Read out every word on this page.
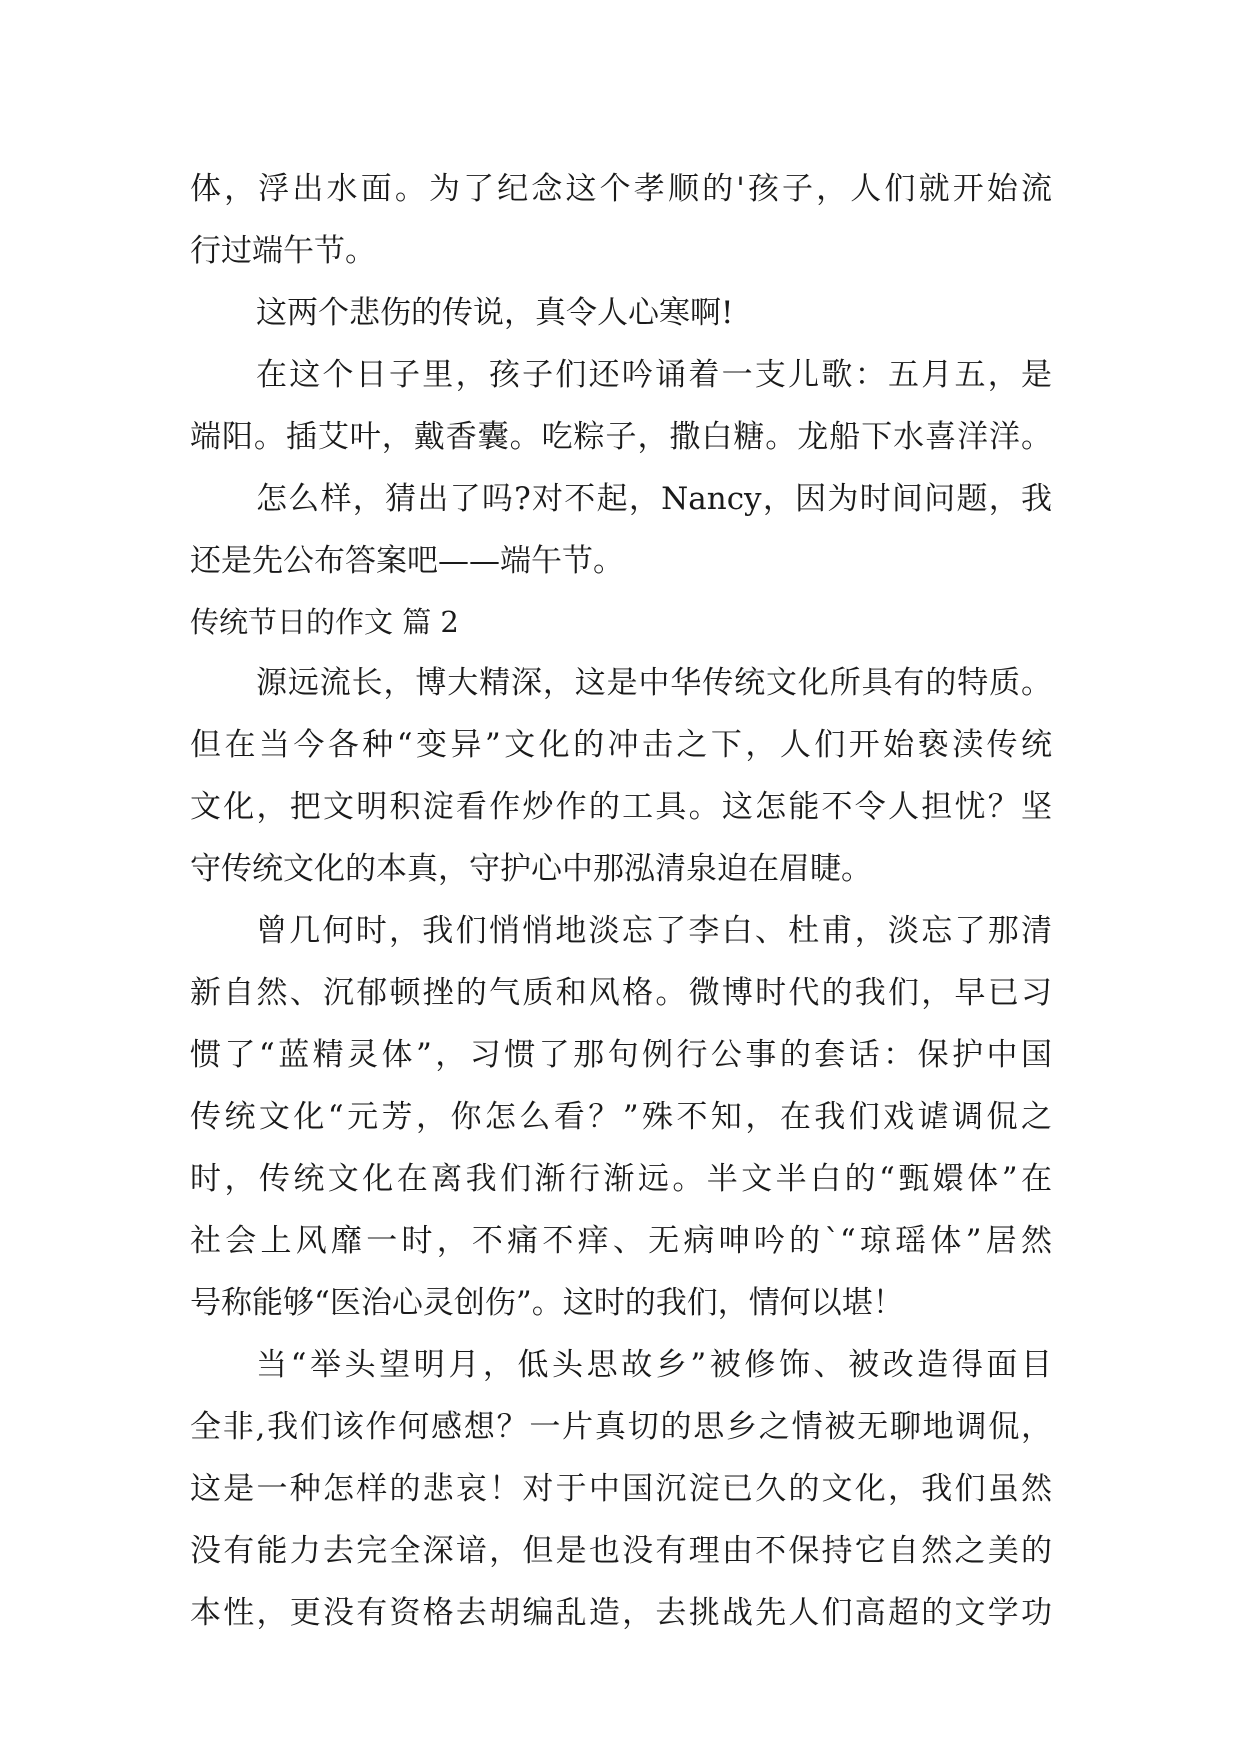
体，浮出水面。为了纪念这个孝顺的'孩子，人们就开始流
行过端午节。
这两个悲伤的传说，真令人心寒啊!
在这个日子里，孩子们还吟诵着一支儿歌：五月五，是
端阳。插艾叶，戴香囊。吃粽子，撒白糖。龙船下水喜洋洋。
怎么样，猜出了吗?对不起，Nancy，因为时间问题，我
还是先公布答案吧——端午节。
传统节日的作文 篇 2
源远流长，博大精深，这是中华传统文化所具有的特质。
但在当今各种“变异”文化的冲击之下，人们开始亵渎传统
文化，把文明积淀看作炒作的工具。这怎能不令人担忧？坚
守传统文化的本真，守护心中那泓清泉迫在眉睫。
曾几何时，我们悄悄地淡忘了李白、杜甫，淡忘了那清
新自然、沉郁顿挫的气质和风格。微博时代的我们，早已习
惯了“蓝精灵体”，习惯了那句例行公事的套话：保护中国
传统文化“元芳，你怎么看？”殊不知，在我们戏谑调侃之
时，传统文化在离我们渐行渐远。半文半白的“甄嬛体”在
社会上风靡一时，不痛不痒、无病呻吟的`“琼瑶体”居然
号称能够“医治心灵创伤”。这时的我们，情何以堪！
当“举头望明月，低头思故乡”被修饰、被改造得面目
全非,我们该作何感想？一片真切的思乡之情被无聊地调侃，
这是一种怎样的悲哀！对于中国沉淀已久的文化，我们虽然
没有能力去完全深谙，但是也没有理由不保持它自然之美的
本性，更没有资格去胡编乱造，去挑战先人们高超的文学功
